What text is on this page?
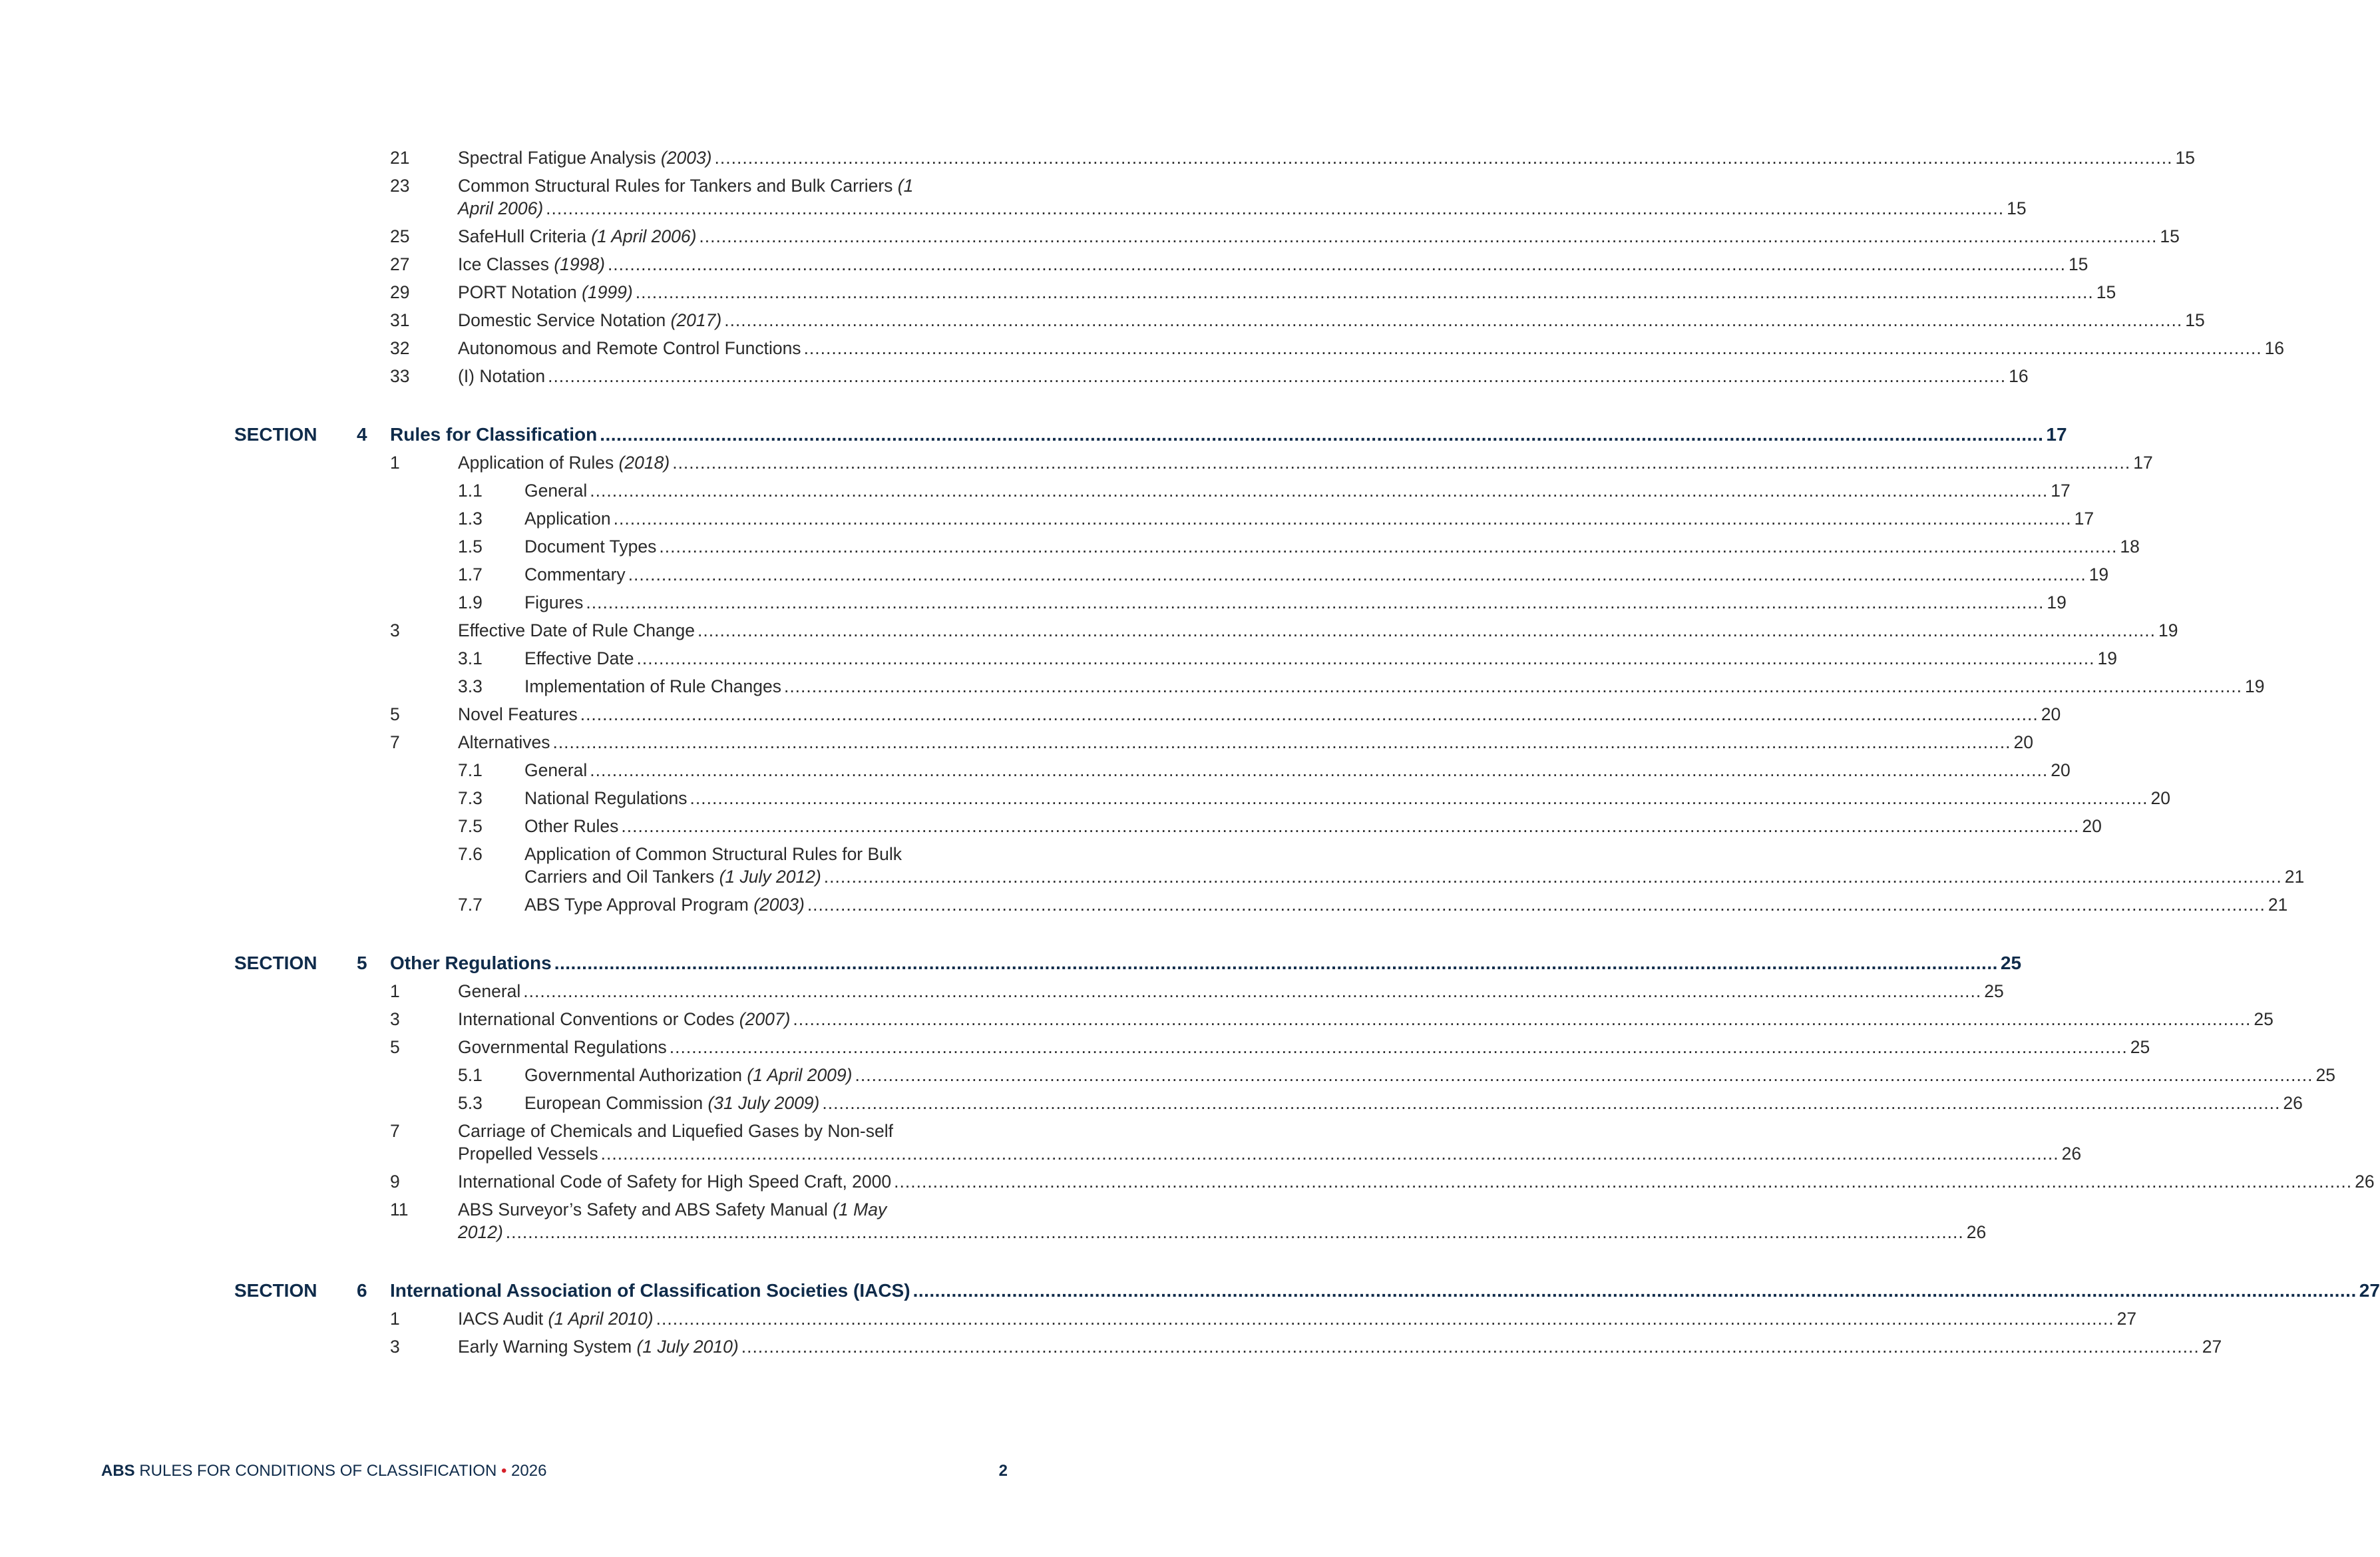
21	Spectral Fatigue Analysis (2003) .....	15
23	Common Structural Rules for Tankers and Bulk Carriers (1
April 2006) .....	15
25	SafeHull Criteria (1 April 2006) .....	15
27	Ice Classes (1998) .....	15
29	PORT Notation (1999) .....	15
31	Domestic Service Notation (2017) .....	15
32	Autonomous and Remote Control Functions .....	16
33	(I) Notation .....	16
SECTION 4 Rules for Classification .....	17
1	Application of Rules (2018) .....	17
1.1 General .....	17
1.3 Application .....	17
1.5 Document Types .....	18
1.7 Commentary .....	19
1.9 Figures .....	19
3	Effective Date of Rule Change .....	19
3.1 Effective Date .....	19
3.3 Implementation of Rule Changes .....	19
5	Novel Features .....	20
7	Alternatives .....	20
7.1 General .....	20
7.3 National Regulations .....	20
7.5 Other Rules .....	20
7.6 Application of Common Structural Rules for Bulk
Carriers and Oil Tankers (1 July 2012) .....	21
7.7 ABS Type Approval Program (2003) .....	21
SECTION 5 Other Regulations .....	25
1	General .....	25
3	International Conventions or Codes (2007) .....	25
5	Governmental Regulations .....	25
5.1 Governmental Authorization (1 April 2009) .....	25
5.3 European Commission (31 July 2009) .....	26
7	Carriage of Chemicals and Liquefied Gases by Non-self
Propelled Vessels .....	26
9	International Code of Safety for High Speed Craft, 2000 .....	26
11	ABS Surveyor’s Safety and ABS Safety Manual (1 May
2012) .....	26
SECTION 6 International Association of Classification Societies (IACS) .....	27
1	IACS Audit (1 April 2010) .....	27
3	Early Warning System (1 July 2010) .....	27
ABS RULES FOR CONDITIONS OF CLASSIFICATION • 2026	2
